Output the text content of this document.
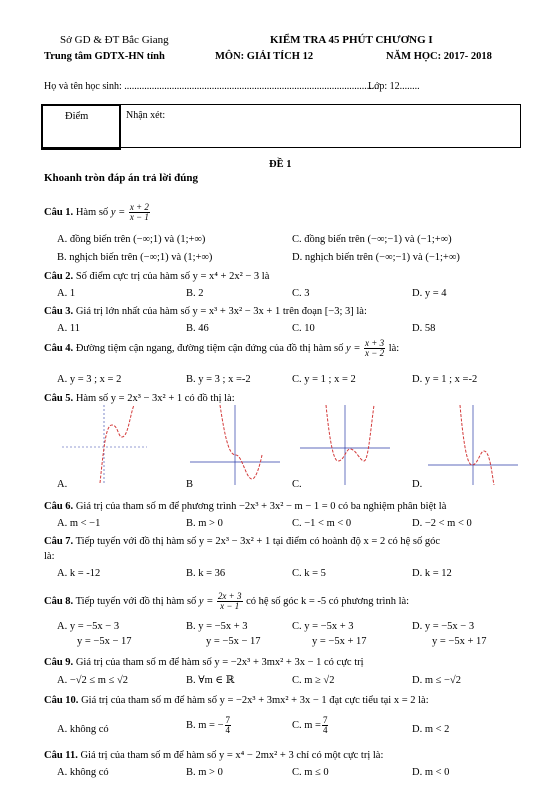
Sở GD & ĐT Bắc Giang
Trung tâm GDTX-HN tỉnh
KIỂM TRA 45 PHÚT CHƯƠNG I
MÔN: GIẢI TÍCH 12	NĂM HỌC: 2017- 2018
Họ và tên học sinh: ......................................................................................................
Lớp: 12........
Điểm	Nhận xét:
ĐỀ 1
Khoanh tròn đáp án trả lời đúng
Câu 1. Hàm số $y = \frac{x + 2}{x - 1}$
A. đồng biến trên (−∞;1) và (1;+∞)	C. đồng biến trên (−∞;−1) và (−1;+∞)
B. nghịch biến trên (−∞;1) và (1;+∞)	D. nghịch biến trên (−∞;−1) và (−1;+∞)
Câu 2. Số điểm cực trị của hàm số y = x⁴ + 2x² − 3 là
A. 1	B. 2	C. 3	D. y = 4
Câu 3. Giá trị lớn nhất của hàm số y = x³ + 3x² − 3x + 1 trên đoạn [−3; 3] là:
A. 11	B. 46	C. 10	D. 58
Câu 4. Đường tiệm cận ngang, đường tiệm cận đứng của đồ thị hàm số $y = \frac{x + 3}{x - 2}$ là:
A. y = 3 ; x = 2	B. y = 3 ; x =-2	C. y = 1 ; x = 2	D. y = 1 ; x =-2
Câu 5. Hàm số y = 2x³ − 3x² + 1 có đồ thị là:
A.	B	C.	D.
Câu 6. Giá trị của tham số m để phương trình −2x³ + 3x² − m − 1 = 0 có ba nghiệm phân biệt là
A. m < −1	B. m > 0	C. −1 < m < 0	D. −2 < m < 0
Câu 7. Tiếp tuyến với đồ thị hàm số y = 2x³ − 3x² + 1 tại điểm có hoành độ x = 2 có hệ số góc
là:
A. k = -12	B. k = 36	C. k = 5	D. k = 12
Câu 8. Tiếp tuyến với đồ thị hàm số $y = \frac{2x + 3}{x - 1}$ có hệ số góc k = -5 có phương trình là:
A. y = −5x − 3
y = −5x − 17
B. y = −5x + 3
y = −5x − 17
C. y = −5x + 3
y = −5x + 17
D. y = −5x − 3
y = −5x + 17
Câu 9. Giá trị của tham số m để hàm số y = −2x³ + 3mx² + 3x − 1 có cực trị
A. −√2 ≤ m ≤ √2	B. ∀m ∈ ℝ	C. m ≥ √2	D. m ≤ −√2
Câu 10. Giá trị của tham số m để hàm số y = −2x³ + 3mx² + 3x − 1 đạt cực tiểu tại x = 2 là:
A. không có	B. m = − $\frac{7}{4}$	C. $m = \frac{7}{4}$	D. m < 2
Câu 11. Giá trị của tham số m để hàm số y = x⁴ − 2mx² + 3 chỉ có một cực trị là:
A. không có	B. m > 0	C. m ≤ 0	D. m < 0
